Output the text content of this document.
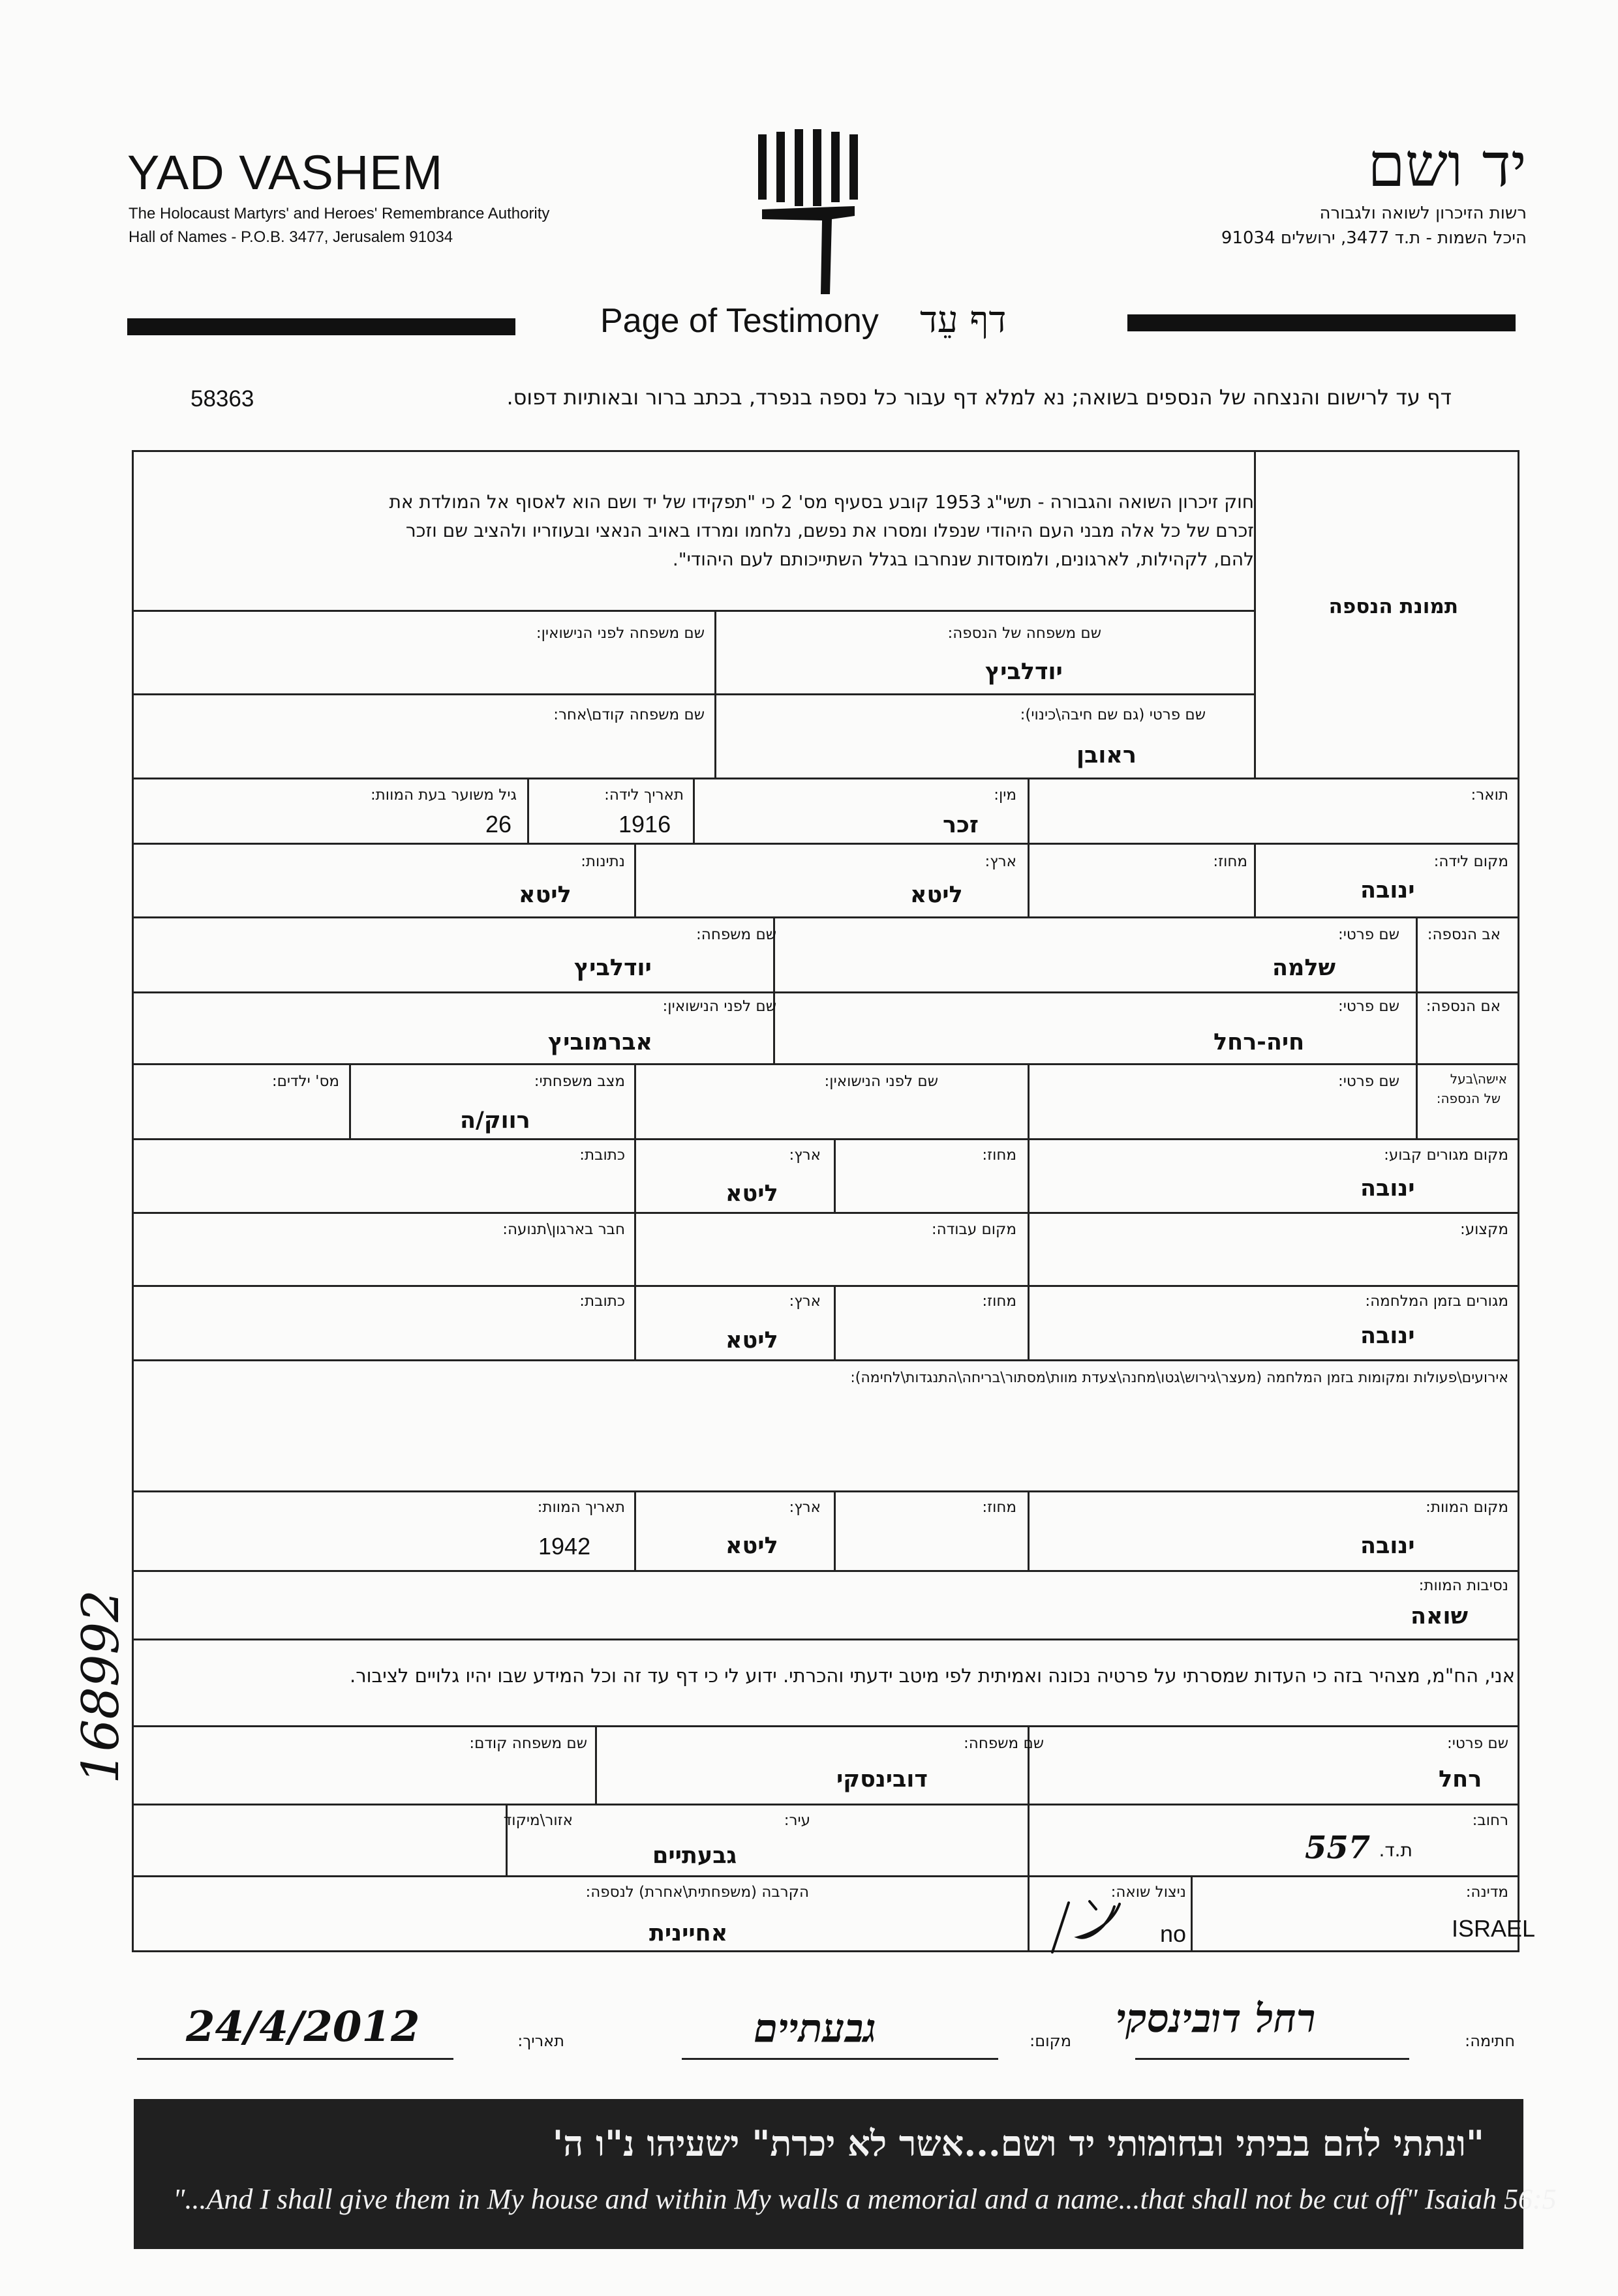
YAD VASHEM
The Holocaust Martyrs' and Heroes' Remembrance Authority
Hall of Names - P.O.B. 3477, Jerusalem 91034
יד ושם
רשות הזיכרון לשואה ולגבורה
היכל השמות - ת.ד 3477, ירושלים 91034
Page of Testimony דף עֵד
דף עד לרישום והנצחה של הנספים בשואה; נא למלא דף עבור כל נספה בנפרד, בכתב ברור ובאותיות דפוס.
58363
חוק זיכרון השואה והגבורה - תשי"ג 1953 קובע בסעיף מס' 2 כי "תפקידו של יד ושם הוא לאסוף אל המולדת את זכרם של כל אלה מבני העם היהודי שנפלו ומסרו את נפשם, נלחמו ומרדו באויב הנאצי ובעוזריו ולהציב שם וזכר להם, לקהילות, לארגונים, ולמוסדות שנחרבו בגלל השתייכותם לעם היהודי".
תמונת הנספה
שם משפחה של הנספה:
יודלביץ
שם משפחה לפני הנישואין:
שם פרטי (גם שם חיבה\כינוי):
ראובן
שם משפחה קודם\אחר:
תואר:
מין:
זכר
תאריך לידה:
1916
גיל משוער בעת המוות:
26
מקום לידה:
ינובה
מחוז:
ארץ:
ליטא
נתינות:
ליטא
אב הנספה:
שם פרטי:
שלמה
שם משפחה:
יודלביץ
אם הנספה:
שם פרטי:
חיה-רחל
שם לפני הנישואין:
אברמוביץ
אישה\בעל
של הנספה:
שם פרטי:
שם לפני הנישואין:
מצב משפחתי:
רווק/ה
מס' ילדים:
מקום מגורים קבוע:
ינובה
מחוז:
ארץ:
ליטא
כתובת:
מקצוע:
מקום עבודה:
חבר בארגון\תנועה:
מגורים בזמן המלחמה:
ינובה
מחוז:
ארץ:
ליטא
כתובת:
אירועים\פעולות ומקומות בזמן המלחמה (מעצר\גירוש\גטו\מחנה\צעדת מוות\מסתור\בריחה\התנגדות\לחימה):
מקום המוות:
ינובה
מחוז:
ארץ:
ליטא
תאריך המוות:
1942
נסיבות המוות:
שואה
אני, הח"מ, מצהיר בזה כי העדות שמסרתי על פרטיה נכונה ואמיתית לפי מיטב ידעתי והכרתי. ידוע לי כי דף עד זה וכל המידע שבו יהיו גלויים לציבור.
שם פרטי:
רחל
שם משפחה:
דובינסקי
שם משפחה קודם:
רחוב:
ת.ד.
557
עיר:
גבעתיים
אזור\מיקוד
מדינה:
ISRAEL
ניצול שואה:
no
הקרבה (משפחתית\אחרת) לנספה:
אחיינית
חתימה:
רחל דובינסקי
מקום:
גבעתיים
תאריך:
24/4/2012
168992
"ונתתי להם בביתי ובחומותי יד ושם...אשר לא יכרת" ישעיהו נ"ו ה'
"...And I shall give them in My house and within My walls a memorial and a name...that shall not be cut off" Isaiah 56:5
